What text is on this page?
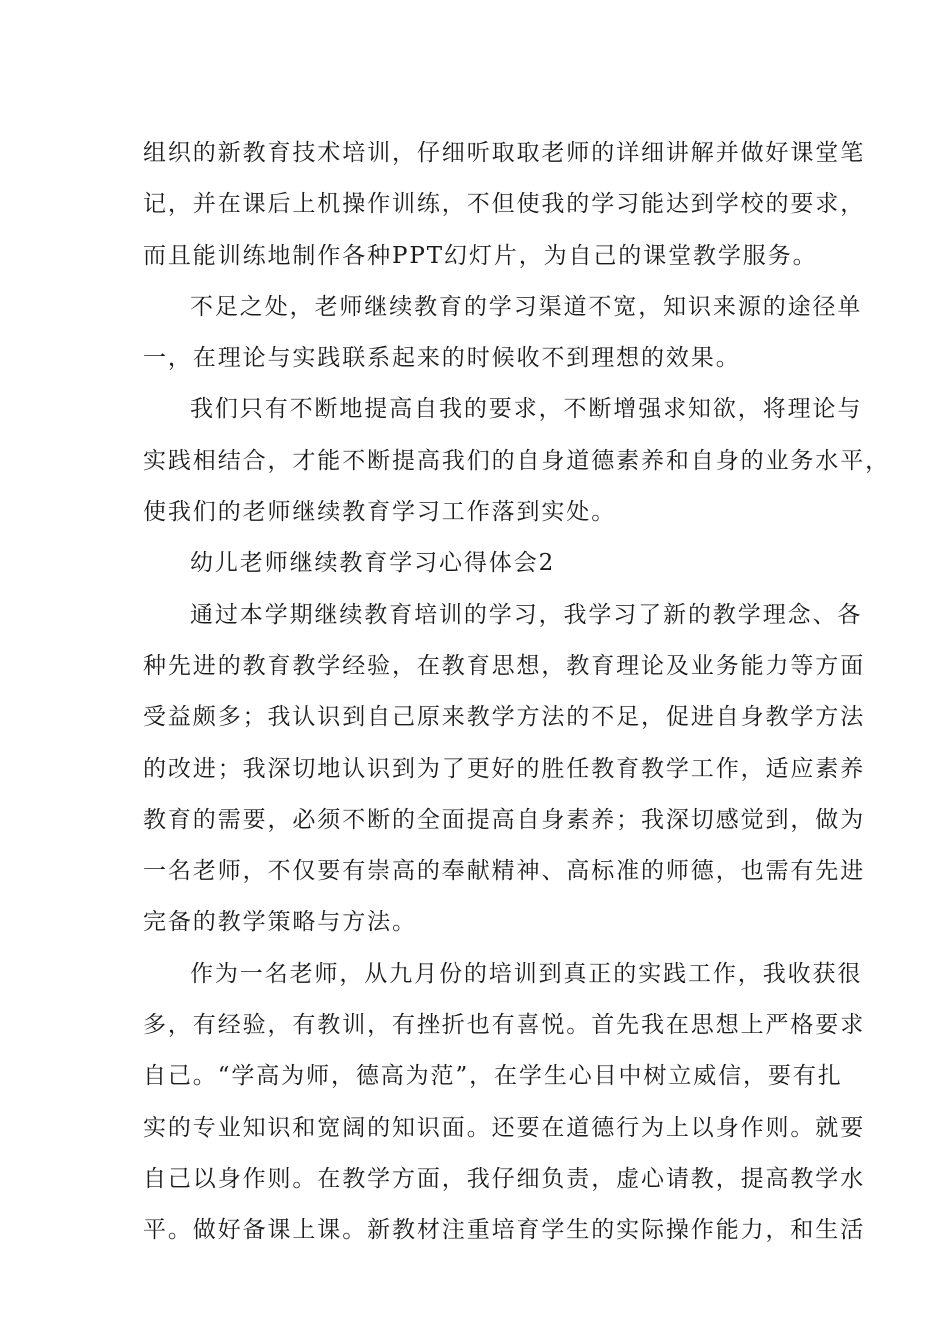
组织的新教育技术培训，仔细听取取老师的详细讲解并做好课堂笔
记，并在课后上机操作训练，不但使我的学习能达到学校的要求，
而且能训练地制作各种PPT幻灯片，为自己的课堂教学服务。
不足之处，老师继续教育的学习渠道不宽，知识来源的途径单
一，在理论与实践联系起来的时候收不到理想的效果。
我们只有不断地提高自我的要求，不断增强求知欲，将理论与
实践相结合，才能不断提高我们的自身道德素养和自身的业务水平，
使我们的老师继续教育学习工作落到实处。
幼儿老师继续教育学习心得体会2
通过本学期继续教育培训的学习，我学习了新的教学理念、各
种先进的教育教学经验，在教育思想，教育理论及业务能力等方面
受益颇多；我认识到自己原来教学方法的不足，促进自身教学方法
的改进；我深切地认识到为了更好的胜任教育教学工作，适应素养
教育的需要，必须不断的全面提高自身素养；我深切感觉到，做为
一名老师，不仅要有崇高的奉献精神、高标准的师德，也需有先进
完备的教学策略与方法。
作为一名老师，从九月份的培训到真正的实践工作，我收获很
多，有经验，有教训，有挫折也有喜悦。首先我在思想上严格要求
自己。“学高为师，德高为范”，在学生心目中树立威信，要有扎
实的专业知识和宽阔的知识面。还要在道德行为上以身作则。就要
自己以身作则。在教学方面，我仔细负责，虚心请教，提高教学水
平。做好备课上课。新教材注重培育学生的实际操作能力，和生活
